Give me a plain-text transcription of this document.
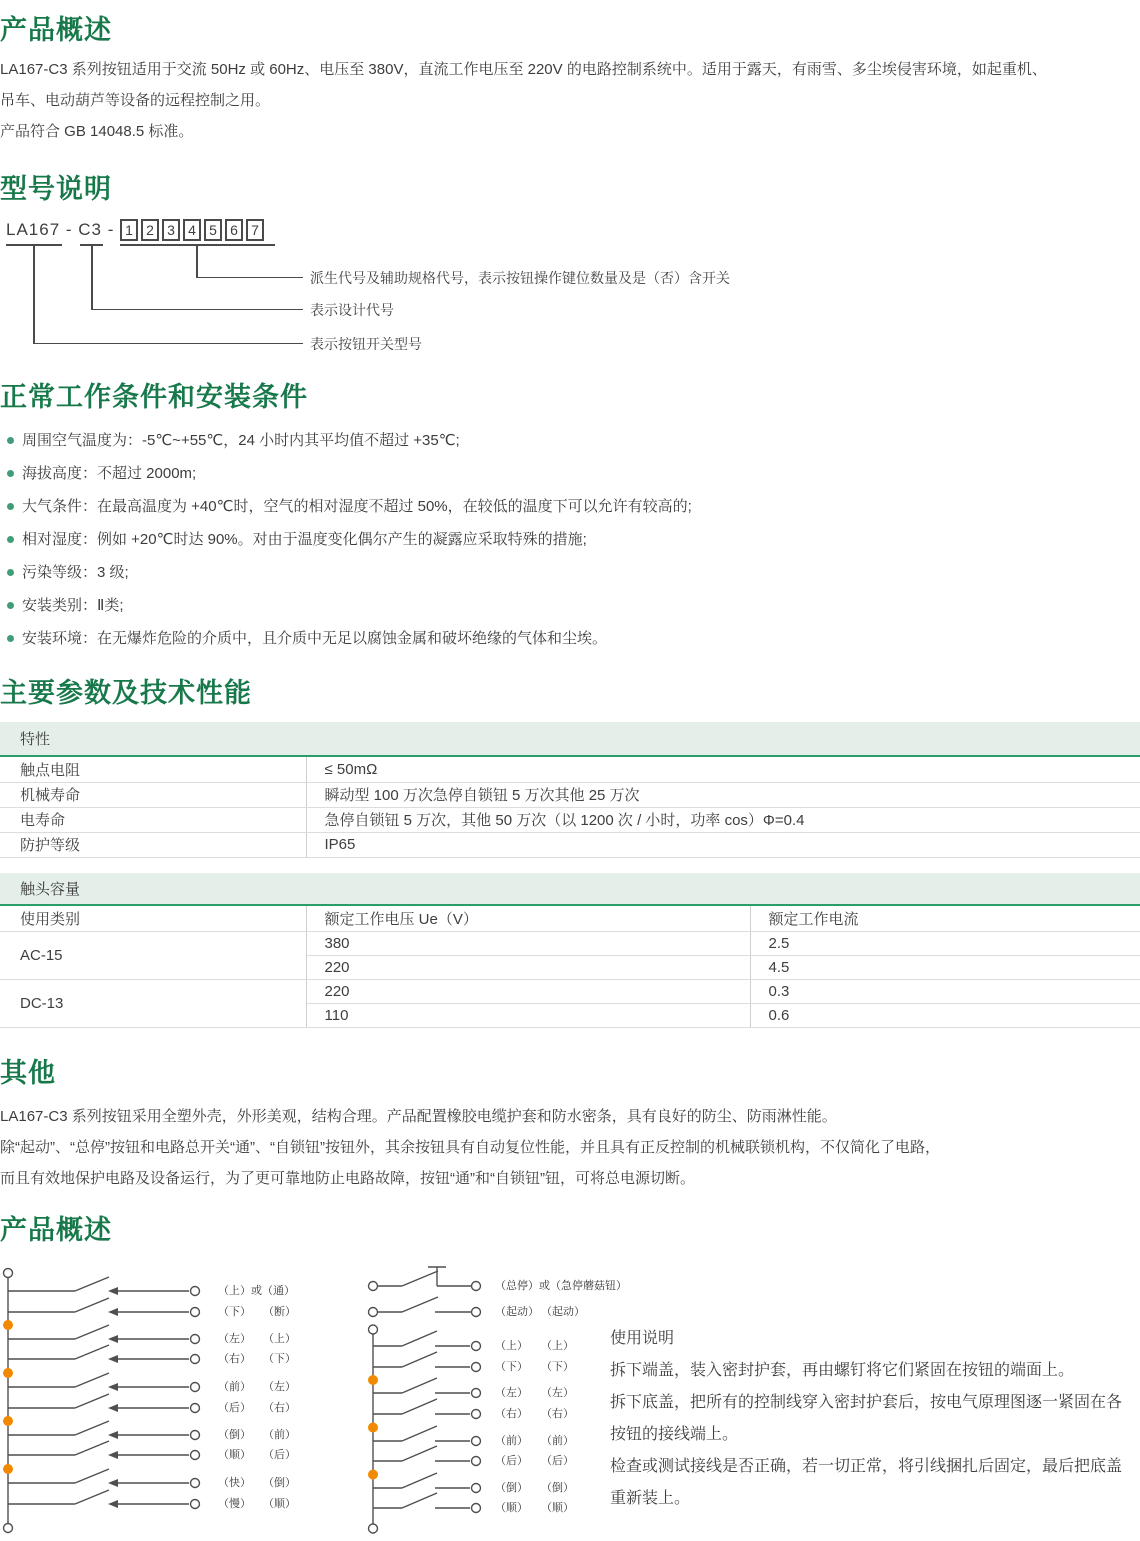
产品概述
LA167-C3 系列按钮适用于交流 50Hz 或 60Hz、电压至 380V，直流工作电压至 220V 的电路控制系统中。适用于露天，有雨雪、多尘埃侵害环境，如起重机、
吊车、电动葫芦等设备的远程控制之用。

产品符合 GB 14048.5 标准。

型号说明
LA167 - C3 - 1 2 3 4 5 6 7
派生代号及辅助规格代号，表示按钮操作键位数量及是（否）含开关
表示设计代号
表示按钮开关型号
正常工作条件和安装条件
周围空气温度为：-5℃~+55℃，24 小时内其平均值不超过 +35℃;
海拔高度：不超过 2000m;
大气条件：在最高温度为 +40℃时，空气的相对湿度不超过 50%，在较低的温度下可以允许有较高的;
相对湿度：例如 +20℃时达 90%。对由于温度变化偶尔产生的凝露应采取特殊的措施;
污染等级：3 级;
安装类别：Ⅱ类;
安装环境：在无爆炸危险的介质中，且介质中无足以腐蚀金属和破坏绝缘的气体和尘埃。
主要参数及技术性能
特性
触点电阻	≤ 50mΩ
机械寿命	瞬动型 100 万次急停自锁钮 5 万次其他 25 万次
电寿命	急停自锁钮 5 万次，其他 50 万次（以 1200 次 / 小时，功率 cos）Φ=0.4
防护等级	IP65
触头容量
使用类别	额定工作电压 Ue（V）	额定工作电流
AC-15	380	2.5
	220	4.5
DC-13	220	0.3
	110	0.6
其他
LA167-C3 系列按钮采用全塑外壳，外形美观，结构合理。产品配置橡胶电缆护套和防水密条，具有良好的防尘、防雨淋性能。
除“起动”、“总停”按钮和电路总开关“通”、“自锁钮”按钮外，其余按钮具有自动复位性能，并且具有正反控制的机械联锁机构，不仅简化了电路，
而且有效地保护电路及设备运行，为了更可靠地防止电路故障，按钮“通”和“自锁钮”钮，可将总电源切断。
产品概述
（上）或（通）
（下） （断）
（左） （上）
（右） （下）
（前） （左）
（后） （右）
（倒） （前）
（顺） （后）
（快） （倒）
（慢） （顺）
（总停）或（急停蘑菇钮）
（起动） （起动）
（上） （上）
（下） （下）
（左） （左）
（右） （右）
（前） （前）
（后） （后）
（倒） （倒）
（顺） （顺）
使用说明
拆下端盖，装入密封护套，再由螺钉将它们紧固在按钮的端面上。
拆下底盖，把所有的控制线穿入密封护套后，按电气原理图逐一紧固在各
按钮的接线端上。
检查或测试接线是否正确，若一切正常，将引线捆扎后固定，最后把底盖
重新装上。
